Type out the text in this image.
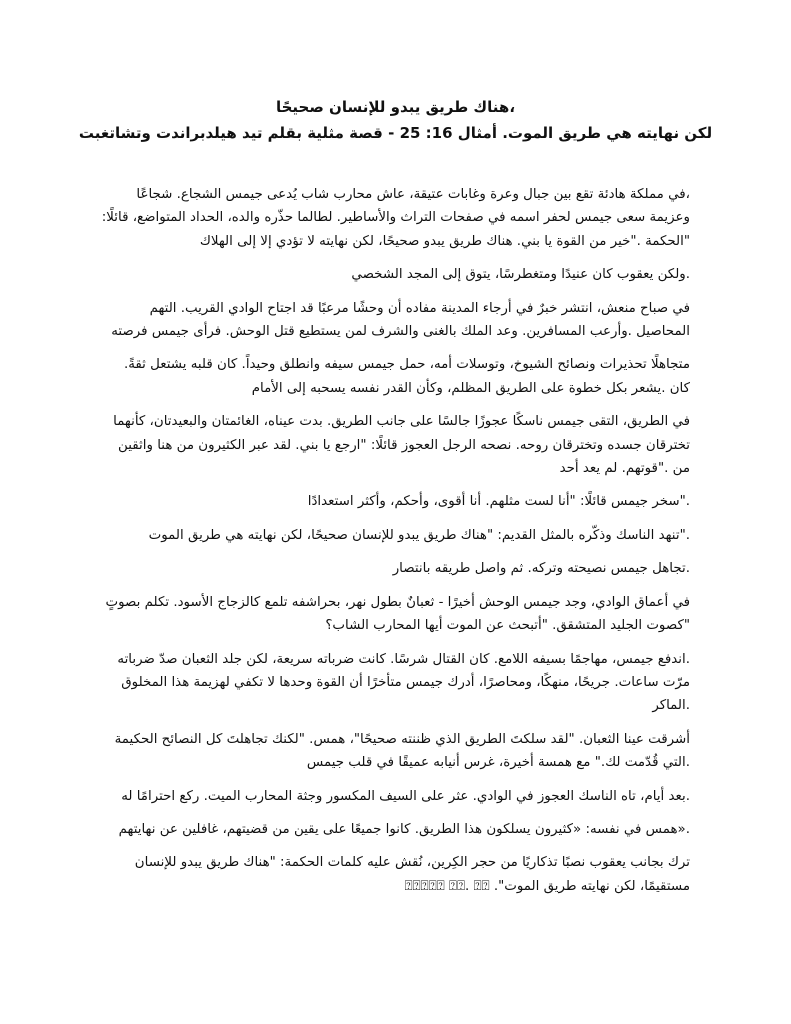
،هناك طريق يبدو للإنسان صحيحًا
لكن نهايته هي طريق الموت. أمثال 16: 25 - قصة مثلية بقلم تيد هيلدبراندت وتشاتغبت

،في مملكة هادئة تقع بين جبال وعرة وغابات عتيقة، عاش محارب شاب يُدعى جيمس الشجاع. شجاعًا وعزيمة سعى جيمس لحفر اسمه في صفحات التراث والأساطير. لطالما حذّره والده، الحداد المتواضع، قائلًا: "الحكمة ."خير من القوة يا بني. هناك طريق يبدو صحيحًا، لكن نهايته لا تؤدي إلا إلى الهلاك

.ولكن يعقوب كان عنيدًا ومتغطرسًا، يتوق إلى المجد الشخصي

في صباح منعش، انتشر خبرٌ في أرجاء المدينة مفاده أن وحشًا مرعبًا قد اجتاح الوادي القريب. التهم المحاصيل .وأرعب المسافرين. وعد الملك بالغنى والشرف لمن يستطيع قتل الوحش. فرأى جيمس فرصته

متجاهلًا تحذيرات ونصائح الشيوخ، وتوسلات أمه، حمل جيمس سيفه وانطلق وحيداً. كان قلبه يشتعل ثقةً. كان .يشعر بكل خطوة على الطريق المظلم، وكأن القدر نفسه يسحبه إلى الأمام

في الطريق، التقى جيمس ناسكًا عجوزًا جالسًا على جانب الطريق. بدت عيناه، الغائمتان والبعيدتان، كأنهما تخترقان جسده وتخترقان روحه. نصحه الرجل العجوز قائلًا: "ارجع يا بني. لقد عبر الكثيرون من هنا واثقين من ."قوتهم. لم يعد أحد

."سخر جيمس قائلًا: "أنا لست مثلهم. أنا أقوى، وأحكم، وأكثر استعدادًا

."تنهد الناسك وذكّره بالمثل القديم: "هناك طريق يبدو للإنسان صحيحًا، لكن نهايته هي طريق الموت

.تجاهل جيمس نصيحته وتركه. ثم واصل طريقه بانتصار

في أعماق الوادي، وجد جيمس الوحش أخيرًا - ثعبانٌ بطول نهر، بحراشفه تلمع كالزجاج الأسود. تكلم بصوتٍ "كصوت الجليد المتشقق. "أتبحث عن الموت أيها المحارب الشاب؟

.اندفع جيمس، مهاجمًا بسيفه اللامع. كان القتال شرسًا. كانت ضرباته سريعة، لكن جلد الثعبان صدّ ضرباته مرّت ساعات. جريحًا، منهكًا، ومحاصرًا، أدرك جيمس متأخرًا أن القوة وحدها لا تكفي لهزيمة هذا المخلوق .الماكر

أشرقت عينا الثعبان. "لقد سلكتَ الطريق الذي ظننته صحيحًا"، همس. "لكنك تجاهلتَ كل النصائح الحكيمة .التي قُدّمت لك." مع همسة أخيرة، غرس أنيابه عميقًا في قلب جيمس

.بعد أيام، تاه الناسك العجوز في الوادي. عثر على السيف المكسور وجثة المحارب الميت. ركع احترامًا له

.«همس في نفسه: «كثيرون يسلكون هذا الطريق. كانوا جميعًا على يقين من قضيتهم، غافلين عن نهايتهم

ترك بجانب يعقوب نصبًا تذكاريًا من حجر الكِرين، نُقش عليه كلمات الحكمة: "هناك طريق يبدو للإنسان مستقيمًا، لكن نهايته طريق الموت". ⍰⍰⍰⍰⍰ ⍰⍰. ⍰⍰
